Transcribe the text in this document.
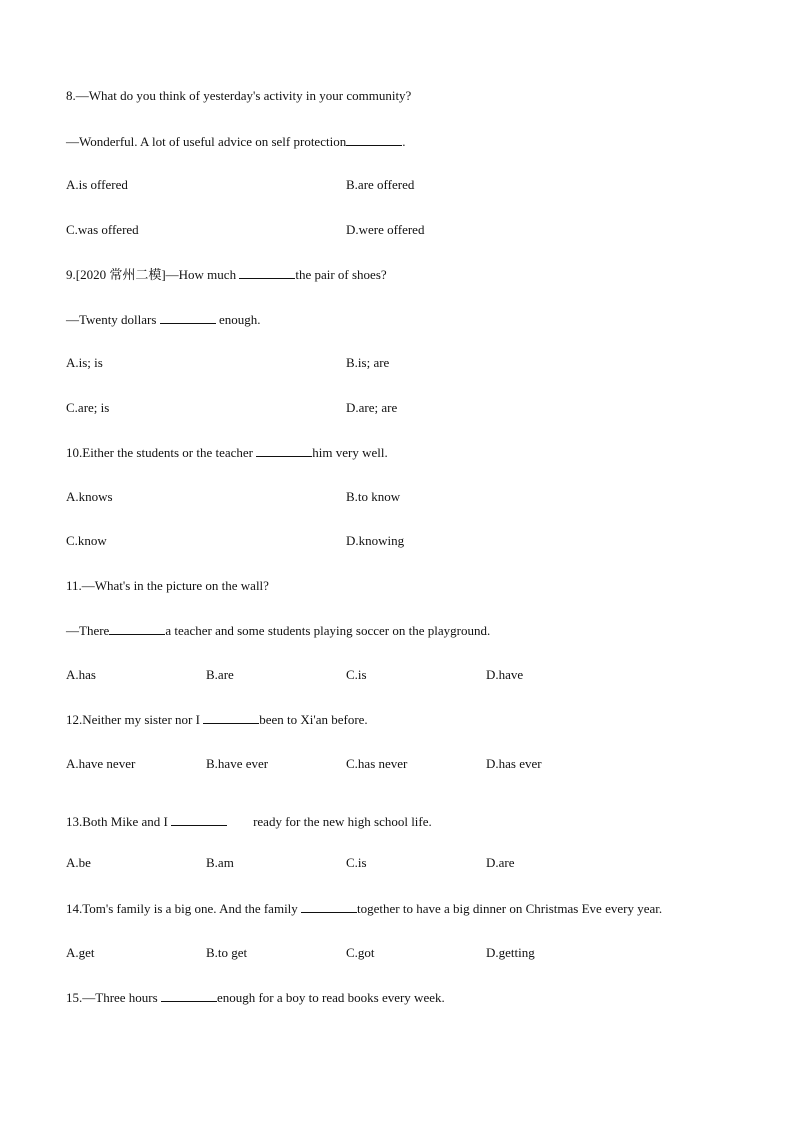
8.—What do you think of yesterday's activity in your community?
—Wonderful. A lot of useful advice on self protection	.
A.is offered	B.are offered
C.was offered	D.were offered
9.[2020 常州二模]—How much	the pair of shoes?
—Twenty dollars	enough.
A.is; is	B.is; are
C.are; is	D.are; are
10.Either the students or the teacher	him very well.
A.knows	B.to know
C.know	D.knowing
11.—What's in the picture on the wall?
—There	a teacher and some students playing soccer on the playground.
A.has	B.are	C.is	D.have
12.Neither my sister nor I	been to Xi'an before.
A.have never	B.have ever	C.has never	D.has ever
13.Both Mike and I	ready for the new high school life.
A.be	B.am	C.is	D.are
14.Tom's family is a big one. And the family	together to have a big dinner on Christmas Eve every year.
A.get	B.to get	C.got	D.getting
15.—Three hours	enough for a boy to read books every week.
